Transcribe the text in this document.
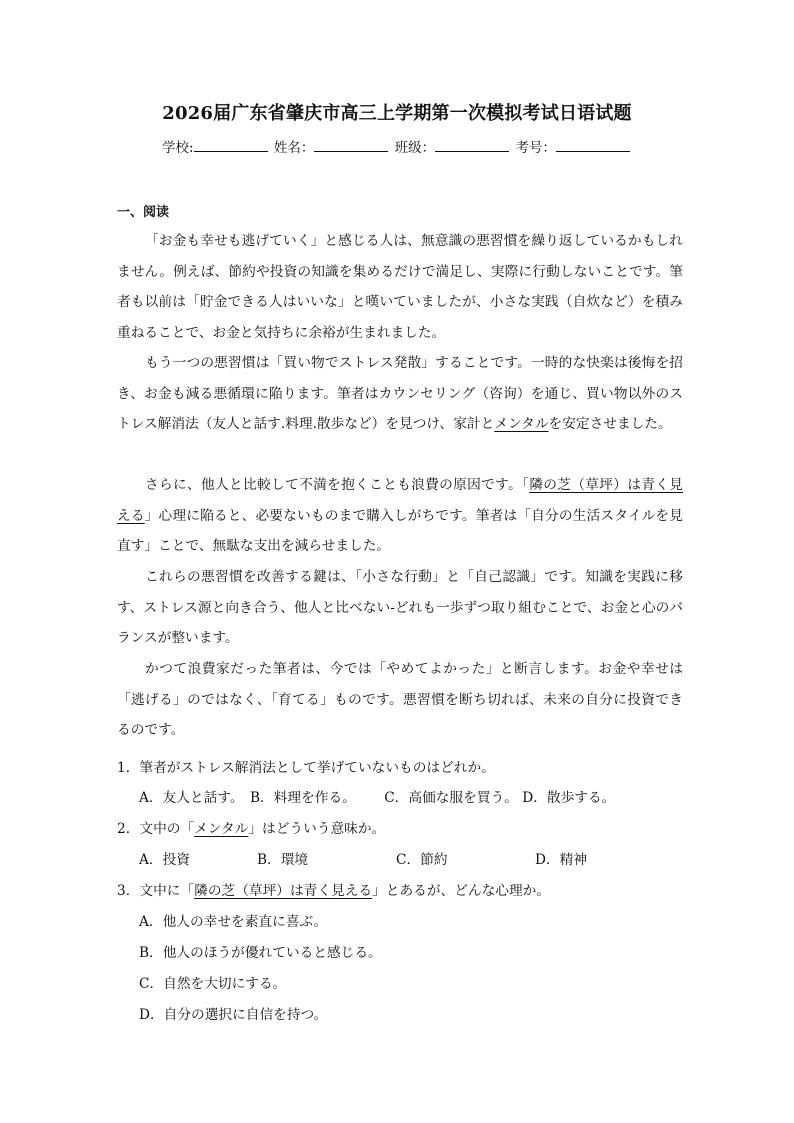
2026届广东省肇庆市高三上学期第一次模拟考试日语试题
学校:	姓名：	班级：	考号：
一、阅读

「お金も幸せも逃げていく」と感じる人は、無意識の悪習慣を繰り返しているかもしれません。例えば、節約や投資の知識を集めるだけで満足し、実際に行動しないことです。筆者も以前は「貯金できる人はいいな」と嘆いていましたが、小さな実践（自炊など）を積み重ねることで、お金と気持ちに余裕が生まれました。

もう一つの悪習慣は「買い物でストレス発散」することです。一時的な快楽は後悔を招き、お金も減る悪循環に陥ります。筆者はカウンセリング（咨询）を通じ、買い物以外のストレス解消法（友人と話す.料理.散歩など）を見つけ、家計とメンタルを安定させました。

さらに、他人と比較して不満を抱くことも浪費の原因です。「隣の芝（草坪）は青く見える」心理に陥ると、必要ないものまで購入しがちです。筆者は「自分の生活スタイルを見直す」ことで、無駄な支出を減らせました。

これらの悪習慣を改善する鍵は、「小さな行動」と「自己認識」です。知識を実践に移す、ストレス源と向き合う、他人と比べない-どれも一歩ずつ取り組むことで、お金と心のバランスが整います。

かつて浪費家だった筆者は、今では「やめてよかった」と断言します。お金や幸せは「逃げる」のではなく、「育てる」ものです。悪習慣を断ち切れば、未来の自分に投資できるのです。

1．筆者がストレス解消法として挙げていないものはどれか。
A．友人と話す。 B．料理を作る。 C．高価な服を買う。 D．散歩する。
2．文中の「メンタル」はどういう意味か。
A．投資	B．環境	C．節約	D．精神
3．文中に「隣の芝（草坪）は青く見える」とあるが、どんな心理か。
A．他人の幸せを素直に喜ぶ。
B．他人のほうが優れていると感じる。
C．自然を大切にする。
D．自分の選択に自信を持つ。
